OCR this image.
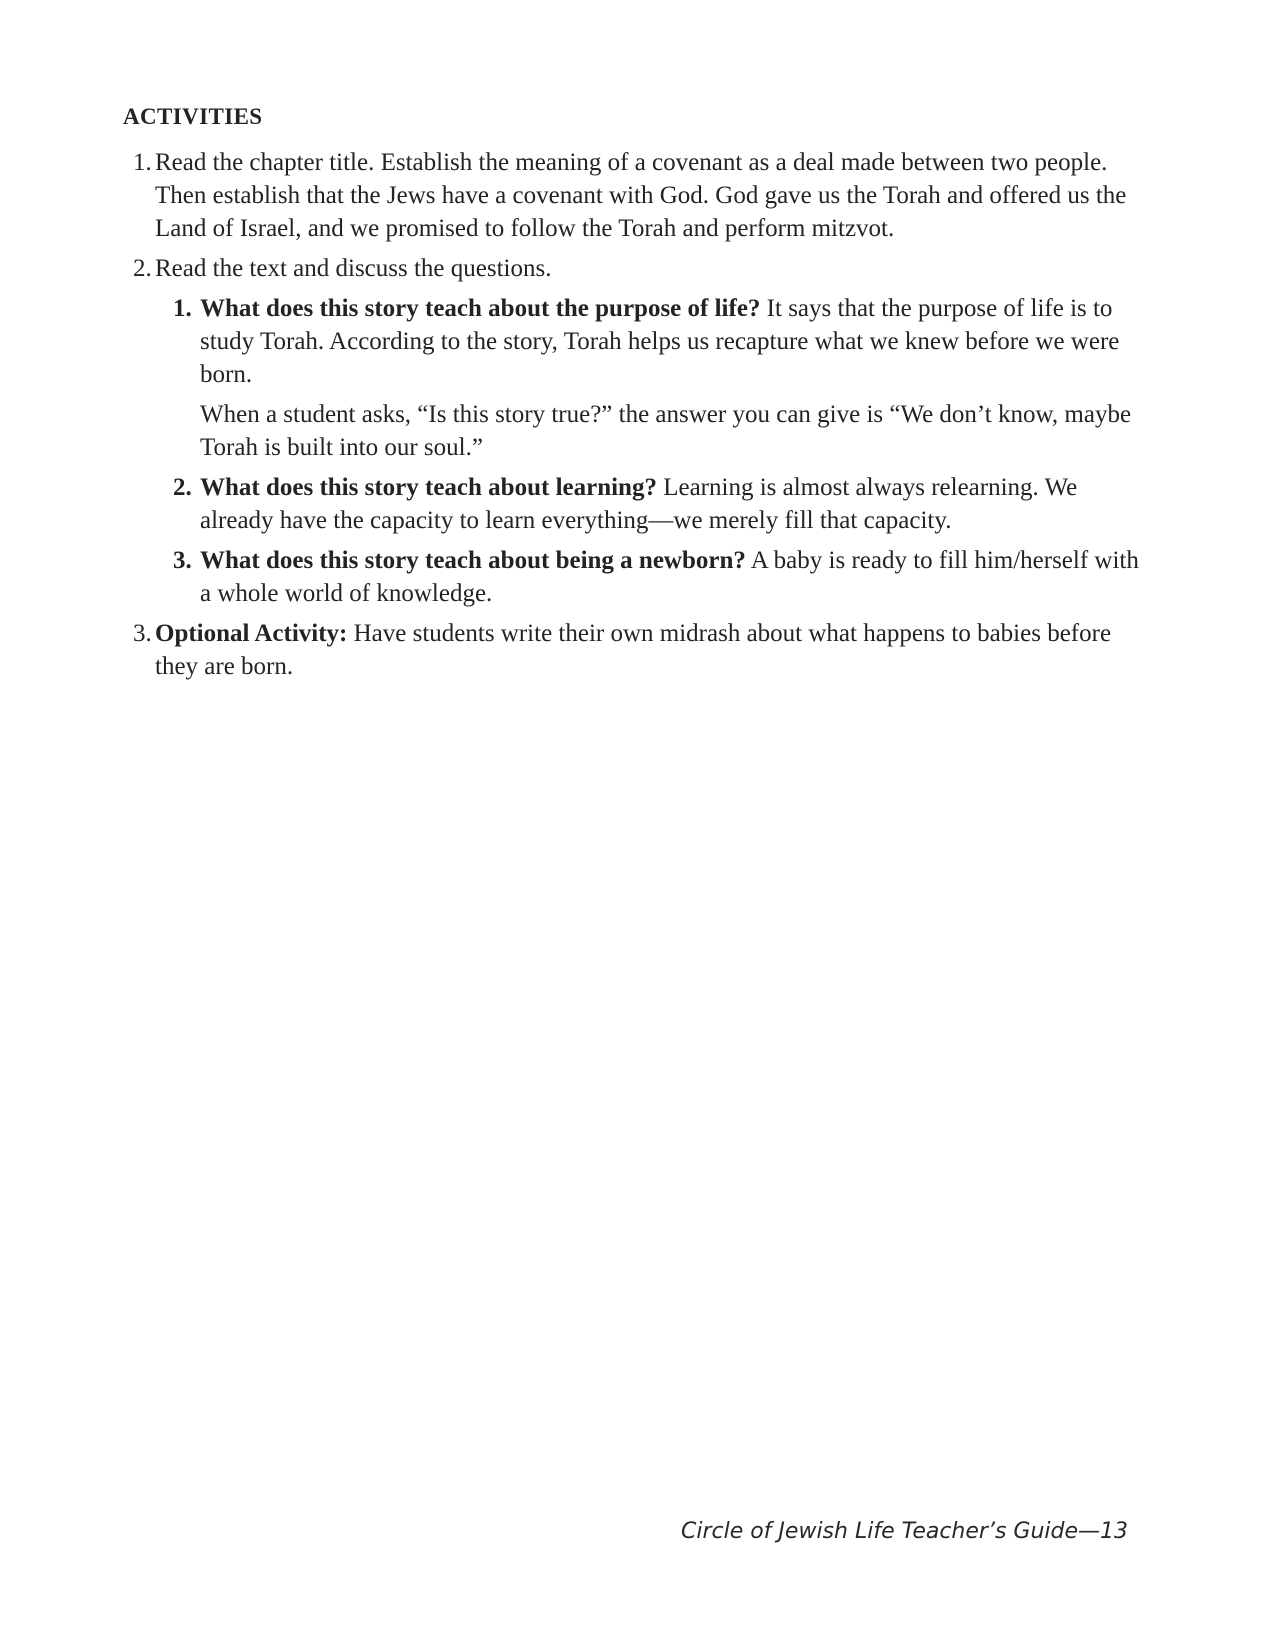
ACTIVITIES
1. Read the chapter title. Establish the meaning of a covenant as a deal made between two people. Then establish that the Jews have a covenant with God. God gave us the Torah and offered us the Land of Israel, and we promised to follow the Torah and perform mitzvot.
2. Read the text and discuss the questions.
1. What does this story teach about the purpose of life? It says that the purpose of life is to study Torah. According to the story, Torah helps us recapture what we knew before we were born.
When a student asks, “Is this story true?” the answer you can give is “We don’t know, maybe Torah is built into our soul.”
2. What does this story teach about learning? Learning is almost always relearning. We already have the capacity to learn everything—we merely fill that capacity.
3. What does this story teach about being a newborn? A baby is ready to fill him/herself with a whole world of knowledge.
3. Optional Activity: Have students write their own midrash about what happens to babies before they are born.
Circle of Jewish Life Teacher’s Guide—13
